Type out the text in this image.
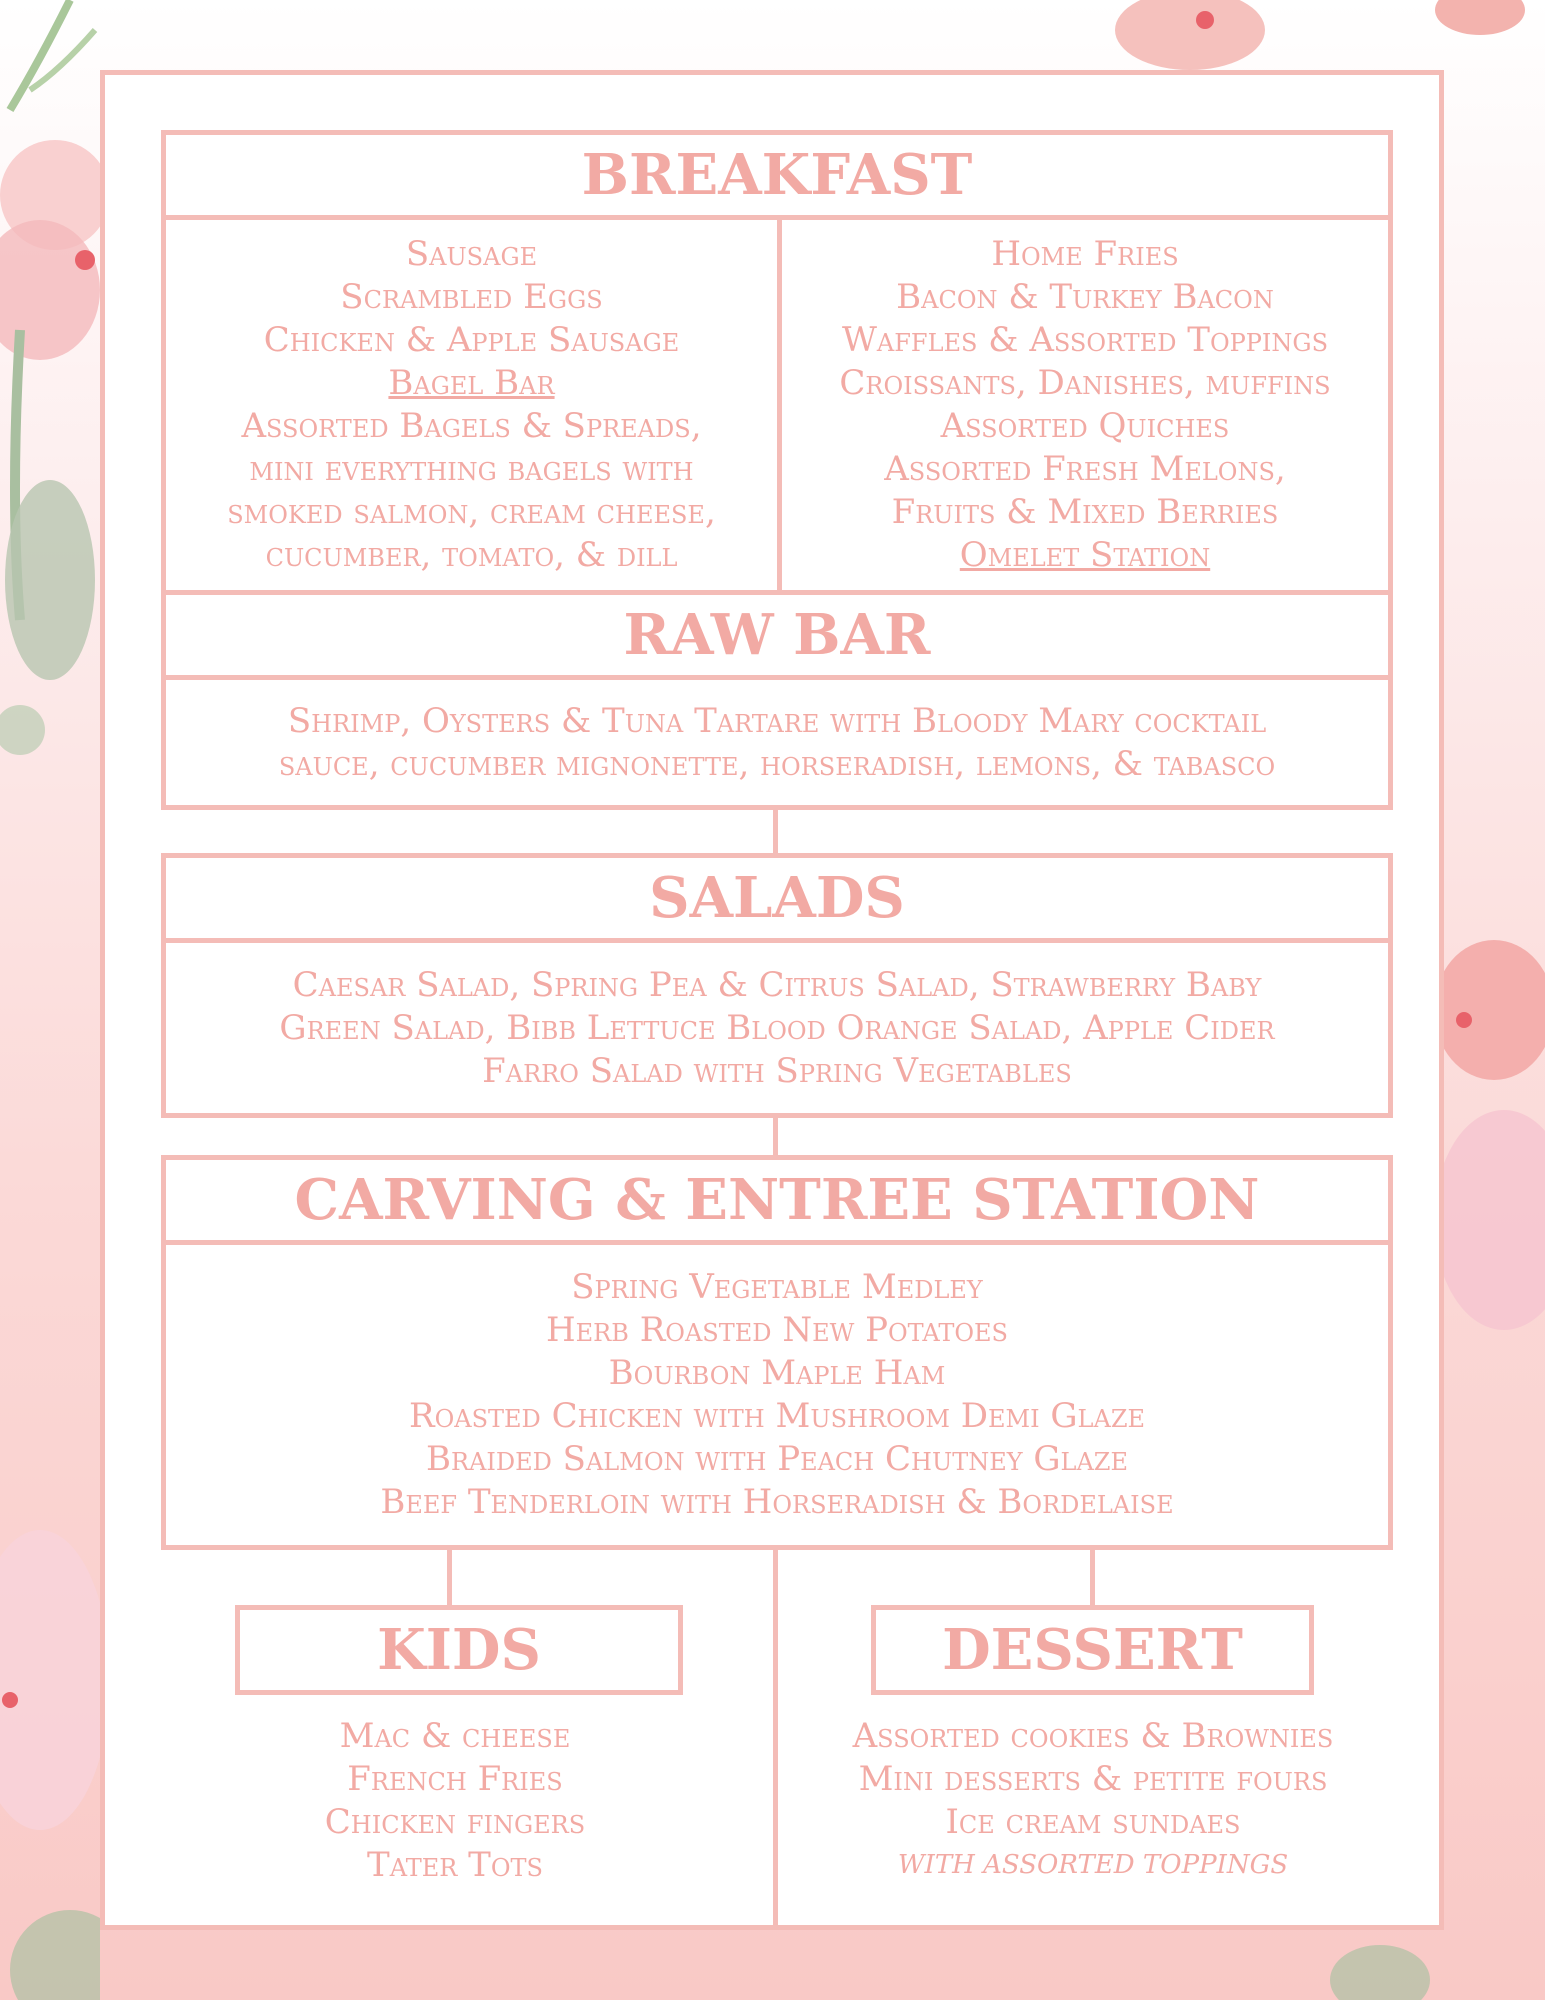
BREAKFAST
Sausage
Scrambled Eggs
Chicken & Apple Sausage
Bagel Bar
Assorted Bagels & Spreads,
mini everything bagels with
smoked salmon, cream cheese,
cucumber, tomato, & dill
Home Fries
Bacon & Turkey Bacon
Waffles & Assorted Toppings
Croissants, Danishes, muffins
Assorted Quiches
Assorted Fresh Melons,
Fruits & Mixed Berries
Omelet Station
RAW BAR
Shrimp, Oysters & Tuna Tartare with Bloody Mary cocktail
sauce, cucumber mignonette, horseradish, lemons, & tabasco
SALADS
Caesar Salad, Spring Pea & Citrus Salad, Strawberry Baby
Green Salad, Bibb Lettuce Blood Orange Salad, Apple Cider
Farro Salad with Spring Vegetables
CARVING & ENTREE STATION
Spring Vegetable Medley
Herb Roasted New Potatoes
Bourbon Maple Ham
Roasted Chicken with Mushroom Demi Glaze
Braided Salmon with Peach Chutney Glaze
Beef Tenderloin with Horseradish & Bordelaise
KIDS
Mac & cheese
French Fries
Chicken fingers
Tater Tots
DESSERT
Assorted cookies & Brownies
Mini desserts & petite fours
Ice cream sundaes
WITH ASSORTED TOPPINGS
